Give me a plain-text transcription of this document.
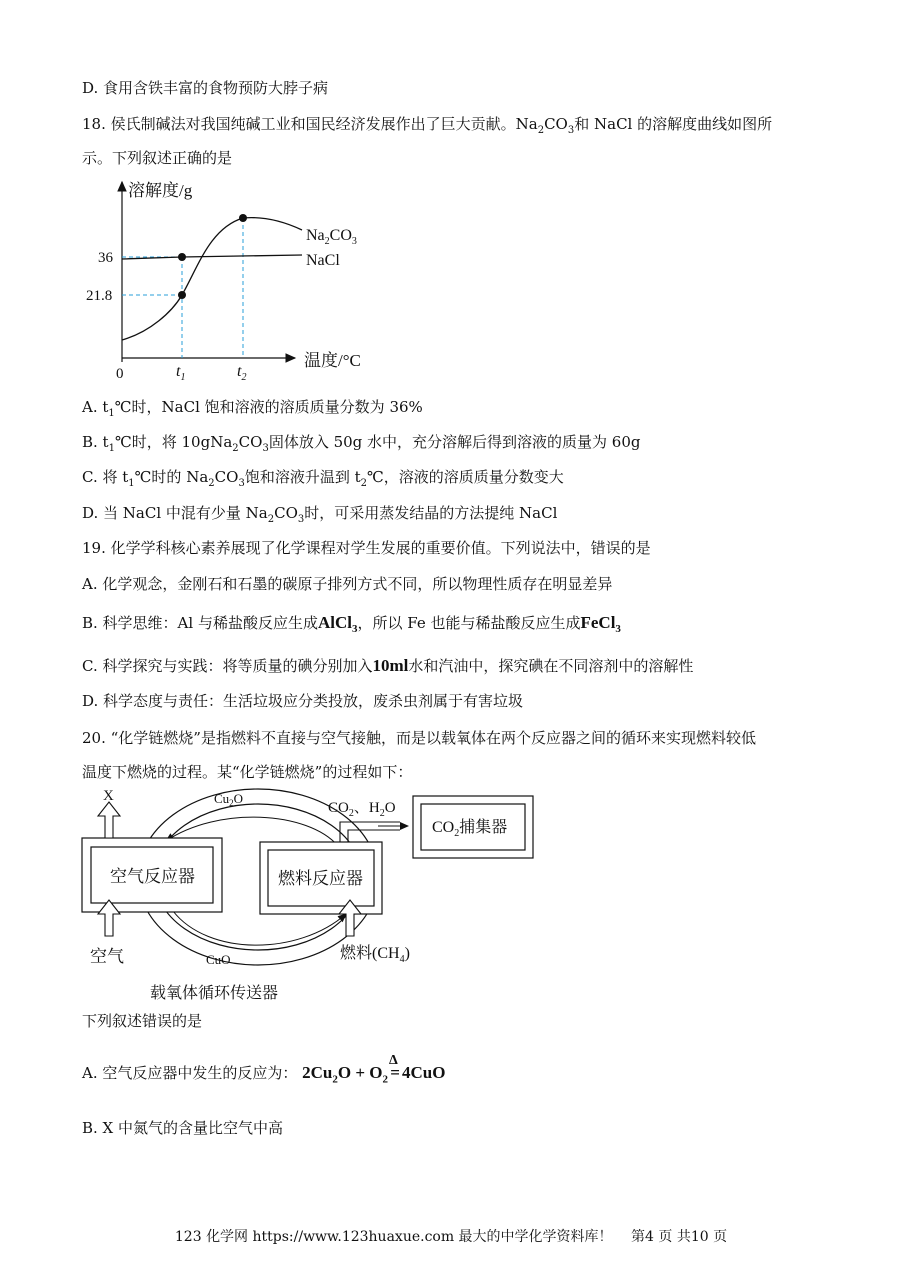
D. 食用含铁丰富的食物预防大脖子病
18. 侯氏制碱法对我国纯碱工业和国民经济发展作出了巨大贡献。$Na_2CO_3$和 NaCl 的溶解度曲线如图所
示。下列叙述正确的是
溶解度/g
温度/°C
0
36
21.8
$t_1$	$t_2$
$Na_2CO_3$
NaCl
A. $t_1℃$时，NaCl 饱和溶液的溶质质量分数为 36%
B. $t_1℃$时，将 $10gNa_2CO_3$固体放入 50g 水中，充分溶解后得到溶液的质量为 60g
C. 将 $t_1℃$时的 $Na_2CO_3$饱和溶液升温到 $t_2℃$，溶液的溶质质量分数变大
D. 当 NaCl 中混有少量 $Na_2CO_3$时，可采用蒸发结晶的方法提纯 NaCl
19. 化学学科核心素养展现了化学课程对学生发展的重要价值。下列说法中，错误的是
A. 化学观念，金刚石和石墨的碳原子排列方式不同，所以物理性质存在明显差异
B. 科学思维：Al 与稀盐酸反应生成AlCl$_3$，所以 Fe 也能与稀盐酸反应生成FeCl$_3$
C. 科学探究与实践：将等质量的碘分别加入10ml水和汽油中，探究碘在不同溶剂中的溶解性
D. 科学态度与责任：生活垃圾应分类投放，废杀虫剂属于有害垃圾
20. “化学链燃烧”是指燃料不直接与空气接触，而是以载氧体在两个反应器之间的循环来实现燃料较低
温度下燃烧的过程。某“化学链燃烧”的过程如下：
空气反应器	燃料反应器
X
空气	燃料$(CH_4)$
$CO_2$、$H_2O$
$CO_2$捕集器
$Cu_2O$
CuO
载氧体循环传送器
下列叙述错误的是
A. 空气反应器中发生的反应为： $2Cu_2O + O_2$
Δ
= 4CuO
B. X 中氮气的含量比空气中高
123 化学网 https://www.123huaxue.com 最大的中学化学资料库！　 第4 页 共10 页
